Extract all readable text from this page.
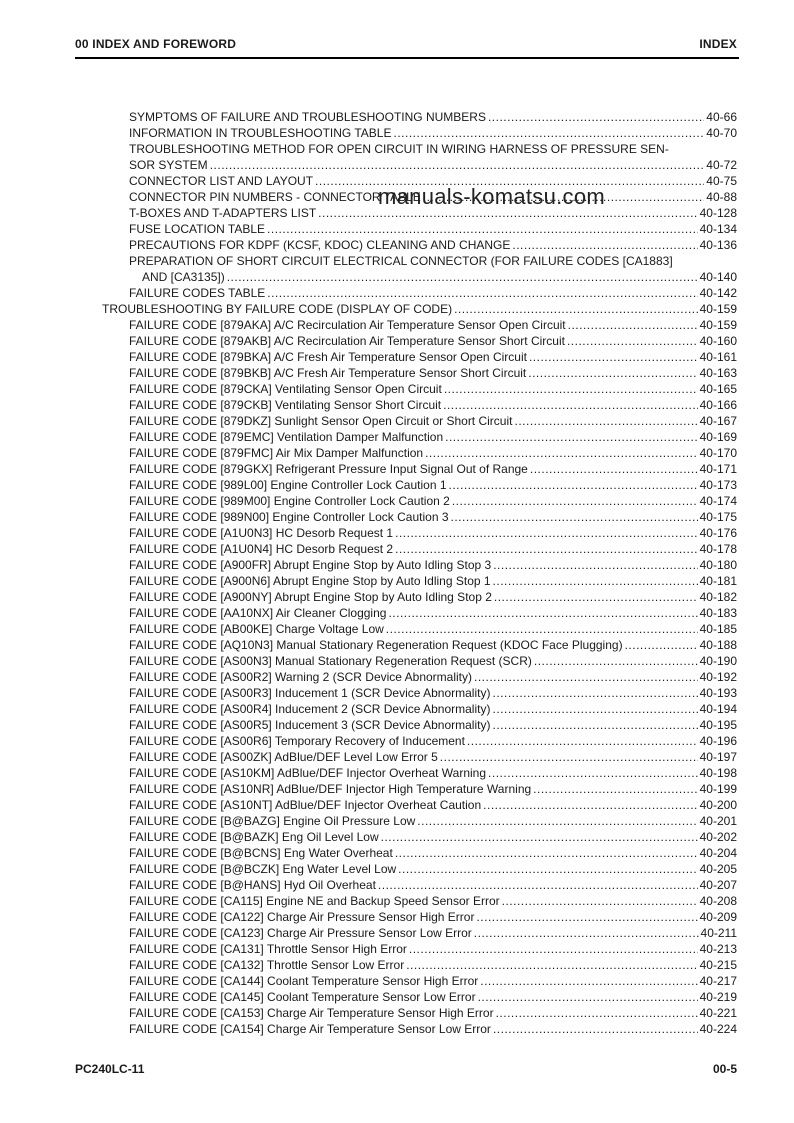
00 INDEX AND FOREWORD	INDEX
SYMPTOMS OF FAILURE AND TROUBLESHOOTING NUMBERS .....	40-66
INFORMATION IN TROUBLESHOOTING TABLE .....	40-70
TROUBLESHOOTING METHOD FOR OPEN CIRCUIT IN WIRING HARNESS OF PRESSURE SEN-
SOR SYSTEM .....	40-72
CONNECTOR LIST AND LAYOUT .....	40-75
CONNECTOR PIN NUMBERS - CONNECTOR TABLE .....	40-88
T-BOXES AND T-ADAPTERS LIST .....	40-128
FUSE LOCATION TABLE .....	40-134
PRECAUTIONS FOR KDPF (KCSF, KDOC) CLEANING AND CHANGE .....	40-136
PREPARATION OF SHORT CIRCUIT ELECTRICAL CONNECTOR (FOR FAILURE CODES [CA1883]
AND [CA3135]) .....	40-140
FAILURE CODES TABLE .....	40-142
TROUBLESHOOTING BY FAILURE CODE (DISPLAY OF CODE) .....	40-159
FAILURE CODE [879AKA] A/C Recirculation Air Temperature Sensor Open Circuit .....	40-159
FAILURE CODE [879AKB] A/C Recirculation Air Temperature Sensor Short Circuit .....	40-160
FAILURE CODE [879BKA] A/C Fresh Air Temperature Sensor Open Circuit .....	40-161
FAILURE CODE [879BKB] A/C Fresh Air Temperature Sensor Short Circuit .....	40-163
FAILURE CODE [879CKA] Ventilating Sensor Open Circuit .....	40-165
FAILURE CODE [879CKB] Ventilating Sensor Short Circuit .....	40-166
FAILURE CODE [879DKZ] Sunlight Sensor Open Circuit or Short Circuit .....	40-167
FAILURE CODE [879EMC] Ventilation Damper Malfunction .....	40-169
FAILURE CODE [879FMC] Air Mix Damper Malfunction .....	40-170
FAILURE CODE [879GKX] Refrigerant Pressure Input Signal Out of Range .....	40-171
FAILURE CODE [989L00] Engine Controller Lock Caution 1 .....	40-173
FAILURE CODE [989M00] Engine Controller Lock Caution 2 .....	40-174
FAILURE CODE [989N00] Engine Controller Lock Caution 3 .....	40-175
FAILURE CODE [A1U0N3] HC Desorb Request 1 .....	40-176
FAILURE CODE [A1U0N4] HC Desorb Request 2 .....	40-178
FAILURE CODE [A900FR] Abrupt Engine Stop by Auto Idling Stop 3 .....	40-180
FAILURE CODE [A900N6] Abrupt Engine Stop by Auto Idling Stop 1 .....	40-181
FAILURE CODE [A900NY] Abrupt Engine Stop by Auto Idling Stop 2 .....	40-182
FAILURE CODE [AA10NX] Air Cleaner Clogging .....	40-183
FAILURE CODE [AB00KE] Charge Voltage Low .....	40-185
FAILURE CODE [AQ10N3] Manual Stationary Regeneration Request (KDOC Face Plugging) .....	40-188
FAILURE CODE [AS00N3] Manual Stationary Regeneration Request (SCR) .....	40-190
FAILURE CODE [AS00R2] Warning 2 (SCR Device Abnormality) .....	40-192
FAILURE CODE [AS00R3] Inducement 1 (SCR Device Abnormality) .....	40-193
FAILURE CODE [AS00R4] Inducement 2 (SCR Device Abnormality) .....	40-194
FAILURE CODE [AS00R5] Inducement 3 (SCR Device Abnormality) .....	40-195
FAILURE CODE [AS00R6] Temporary Recovery of Inducement .....	40-196
FAILURE CODE [AS00ZK] AdBlue/DEF Level Low Error 5 .....	40-197
FAILURE CODE [AS10KM] AdBlue/DEF Injector Overheat Warning .....	40-198
FAILURE CODE [AS10NR] AdBlue/DEF Injector High Temperature Warning .....	40-199
FAILURE CODE [AS10NT] AdBlue/DEF Injector Overheat Caution .....	40-200
FAILURE CODE [B@BAZG] Engine Oil Pressure Low .....	40-201
FAILURE CODE [B@BAZK] Eng Oil Level Low .....	40-202
FAILURE CODE [B@BCNS] Eng Water Overheat .....	40-204
FAILURE CODE [B@BCZK] Eng Water Level Low .....	40-205
FAILURE CODE [B@HANS] Hyd Oil Overheat .....	40-207
FAILURE CODE [CA115] Engine NE and Backup Speed Sensor Error .....	40-208
FAILURE CODE [CA122] Charge Air Pressure Sensor High Error .....	40-209
FAILURE CODE [CA123] Charge Air Pressure Sensor Low Error .....	40-211
FAILURE CODE [CA131] Throttle Sensor High Error .....	40-213
FAILURE CODE [CA132] Throttle Sensor Low Error .....	40-215
FAILURE CODE [CA144] Coolant Temperature Sensor High Error .....	40-217
FAILURE CODE [CA145] Coolant Temperature Sensor Low Error .....	40-219
FAILURE CODE [CA153] Charge Air Temperature Sensor High Error .....	40-221
FAILURE CODE [CA154] Charge Air Temperature Sensor Low Error .....	40-224
manuals-komatsu.com
PC240LC-11	00-5
